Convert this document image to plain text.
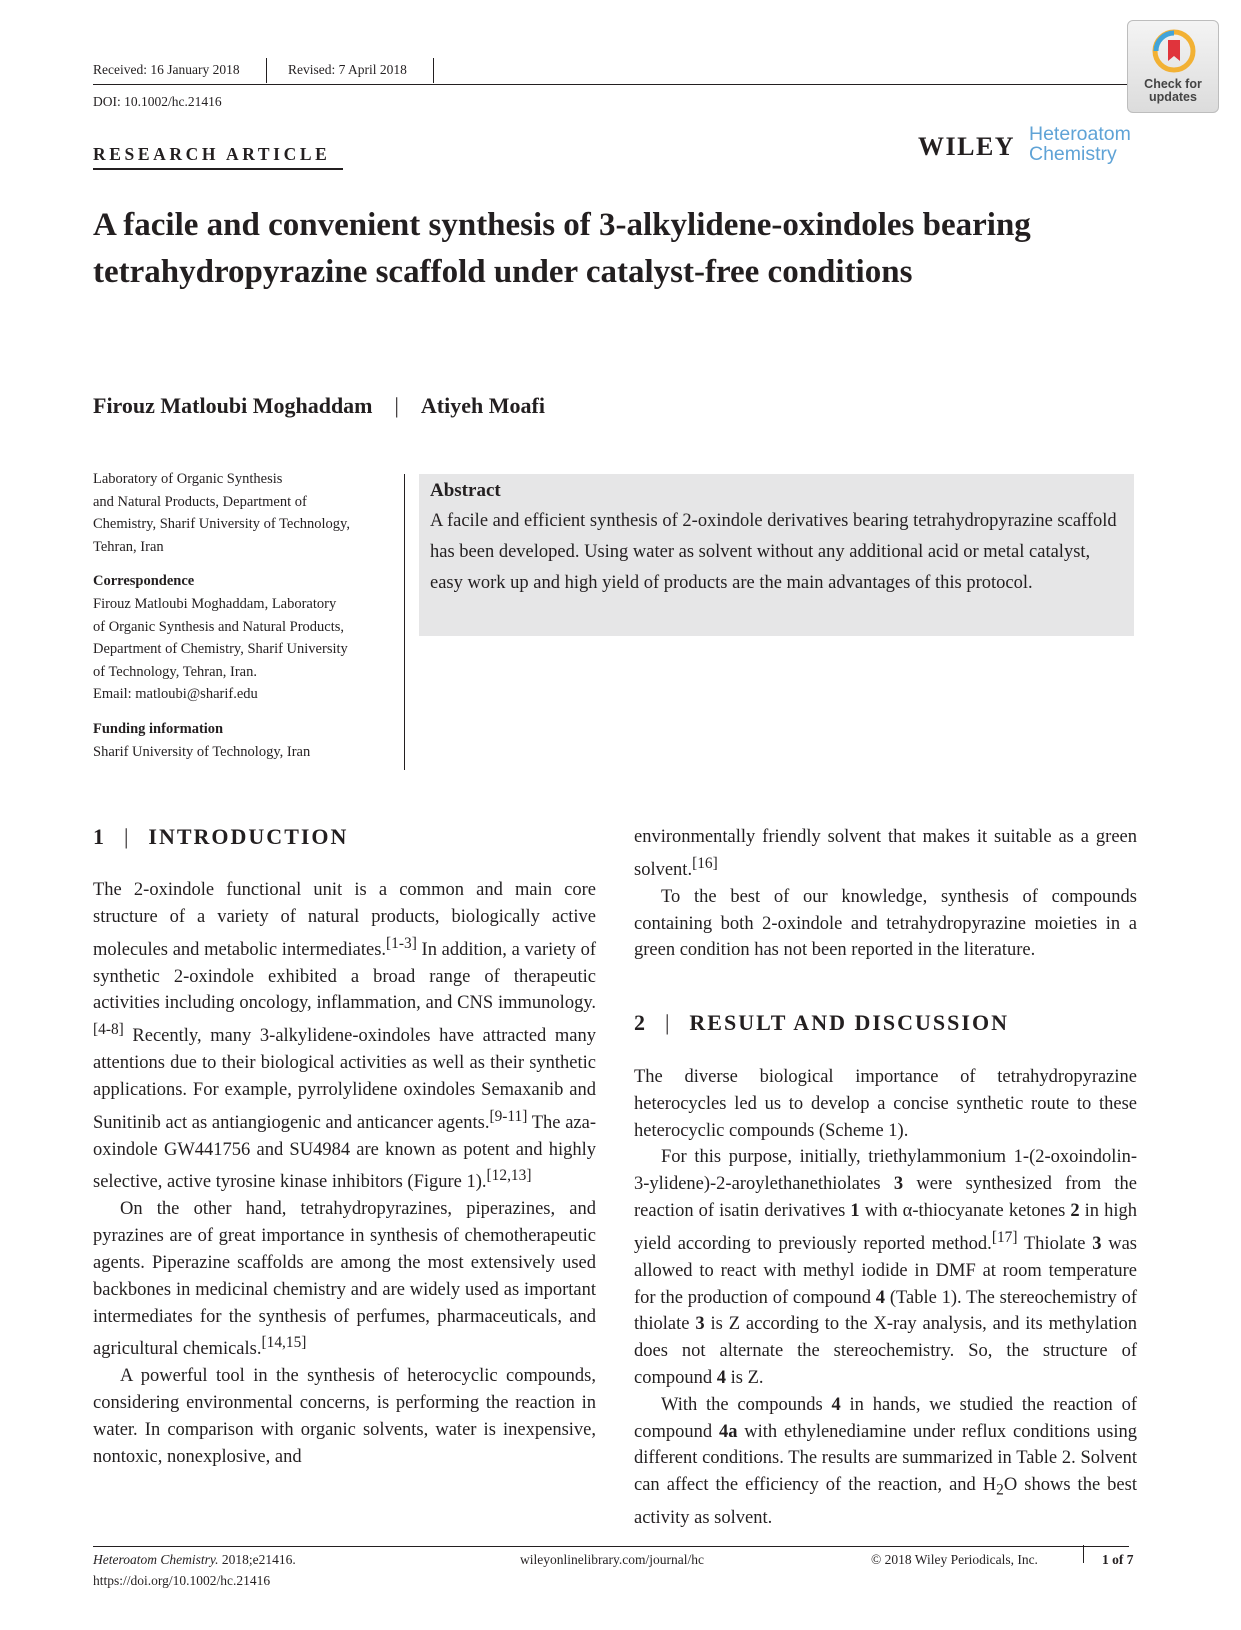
Received: 16 January 2018	Revised: 7 April 2018
DOI: 10.1002/hc.21416
Check for
updates
RESEARCH ARTICLE	WILEY Heteroatom
Chemistry
A facile and convenient synthesis of 3-alkylidene-oxindoles bearing tetrahydropyrazine scaffold under catalyst-free conditions
Firouz Matloubi Moghaddam | Atiyeh Moafi

Laboratory of Organic Synthesis
and Natural Products, Department of
Chemistry, Sharif University of Technology,
Tehran, Iran

Correspondence

Firouz Matloubi Moghaddam, Laboratory
of Organic Synthesis and Natural Products,
Department of Chemistry, Sharif University
of Technology, Tehran, Iran.
Email: matloubi@sharif.edu

Funding information

Sharif University of Technology, Iran

Abstract

A facile and efficient synthesis of 2-oxindole derivatives bearing tetrahydropyrazine scaffold has been developed. Using water as solvent without any additional acid or metal catalyst, easy work up and high yield of products are the main advantages of this protocol.

1 | INTRODUCTION

The 2-oxindole functional unit is a common and main core structure of a variety of natural products, biologically active molecules and metabolic intermediates.[1-3] In addition, a variety of synthetic 2-oxindole exhibited a broad range of therapeutic activities including oncology, inflammation, and CNS immunology.[4-8] Recently, many 3-alkylidene-oxindoles have attracted many attentions due to their biological activities as well as their synthetic applications. For example, pyrrolylidene oxindoles Semaxanib and Sunitinib act as antiangiogenic and anticancer agents.[9-11] The aza-oxindole GW441756 and SU4984 are known as potent and highly selective, active tyrosine kinase inhibitors (Figure 1).[12,13]

On the other hand, tetrahydropyrazines, piperazines, and pyrazines are of great importance in synthesis of chemotherapeutic agents. Piperazine scaffolds are among the most extensively used backbones in medicinal chemistry and are widely used as important intermediates for the synthesis of perfumes, pharmaceuticals, and agricultural chemicals.[14,15]

A powerful tool in the synthesis of heterocyclic compounds, considering environmental concerns, is performing the reaction in water. In comparison with organic solvents, water is inexpensive, nontoxic, nonexplosive, and

environmentally friendly solvent that makes it suitable as a green solvent.[16]

To the best of our knowledge, synthesis of compounds containing both 2-oxindole and tetrahydropyrazine moieties in a green condition has not been reported in the literature.

2 | RESULT AND DISCUSSION

The diverse biological importance of tetrahydropyrazine heterocycles led us to develop a concise synthetic route to these heterocyclic compounds (Scheme 1).

For this purpose, initially, triethylammonium 1-(2-oxoindolin-3-ylidene)-2-aroylethanethiolates 3 were synthesized from the reaction of isatin derivatives 1 with α-thiocyanate ketones 2 in high yield according to previously reported method.[17] Thiolate 3 was allowed to react with methyl iodide in DMF at room temperature for the production of compound 4 (Table 1). The stereochemistry of thiolate 3 is Z according to the X-ray analysis, and its methylation does not alternate the stereochemistry. So, the structure of compound 4 is Z.

With the compounds 4 in hands, we studied the reaction of compound 4a with ethylenediamine under reflux conditions using different conditions. The results are summarized in Table 2. Solvent can affect the efficiency of the reaction, and $H_2O$ shows the best activity as solvent.

Heteroatom Chemistry. 2018;e21416.
https://doi.org/10.1002/hc.21416
wileyonlinelibrary.com/journal/hc	© 2018 Wiley Periodicals, Inc.	1 of 7
